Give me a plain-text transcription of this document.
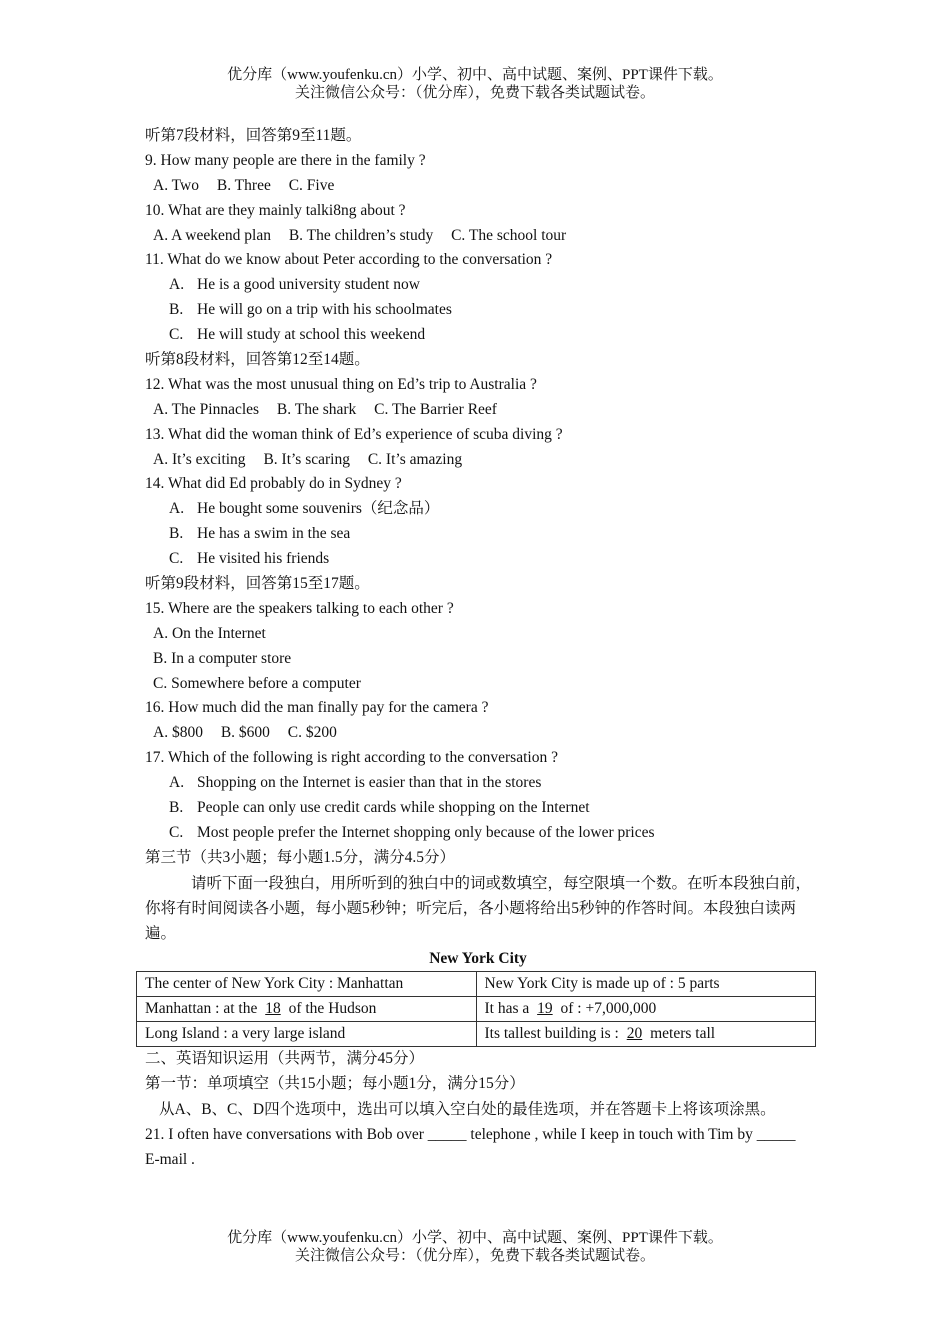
优分库（www.youfenku.cn）小学、初中、高中试题、案例、PPT课件下载。
关注微信公众号：（优分库），免费下载各类试题试卷。
听第7段材料，回答第9至11题。
9. How many people are there in the family ?
A. Two B. Three C. Five
10. What are they mainly talki8ng about ?
A. A weekend plan B. The children’s study C. The school tour
11. What do we know about Peter according to the conversation ?
A. He is a good university student now
B. He will go on a trip with his schoolmates
C. He will study at school this weekend
听第8段材料，回答第12至14题。
12. What was the most unusual thing on Ed’s trip to Australia ?
A. The Pinnacles B. The shark C. The Barrier Reef
13. What did the woman think of Ed’s experience of scuba diving ?
A. It’s exciting B. It’s scaring C. It’s amazing
14. What did Ed probably do in Sydney ?
A. He bought some souvenirs（纪念品）
B. He has a swim in the sea
C. He visited his friends
听第9段材料，回答第15至17题。
15. Where are the speakers talking to each other ?
A. On the Internet
B. In a computer store
C. Somewhere before a computer
16. How much did the man finally pay for the camera ?
A. $800 B. $600 C. $200
17. Which of the following is right according to the conversation ?
A. Shopping on the Internet is easier than that in the stores
B. People can only use credit cards while shopping on the Internet
C. Most people prefer the Internet shopping only because of the lower prices
第三节（共3小题；每小题1.5分，满分4.5分）
请听下面一段独白，用所听到的独白中的词或数填空，每空限填一个数。在听本段独白前，你将有时间阅读各小题，每小题5秒钟；听完后，各小题将给出5秒钟的作答时间。本段独白读两遍。
New York City
The center of New York City : Manhattan	New York City is made up of : 5 parts
Manhattan : at the 18 of the Hudson	It has a 19 of : +7,000,000
Long Island : a very large island	Its tallest building is : 20 meters tall
二、英语知识运用（共两节，满分45分）
第一节：单项填空（共15小题；每小题1分，满分15分）
从A、B、C、D四个选项中，选出可以填入空白处的最佳选项，并在答题卡上将该项涂黑。
21. I often have conversations with Bob over _____ telephone , while I keep in touch with Tim by _____ E-mail .
优分库（www.youfenku.cn）小学、初中、高中试题、案例、PPT课件下载。
关注微信公众号：（优分库），免费下载各类试题试卷。
